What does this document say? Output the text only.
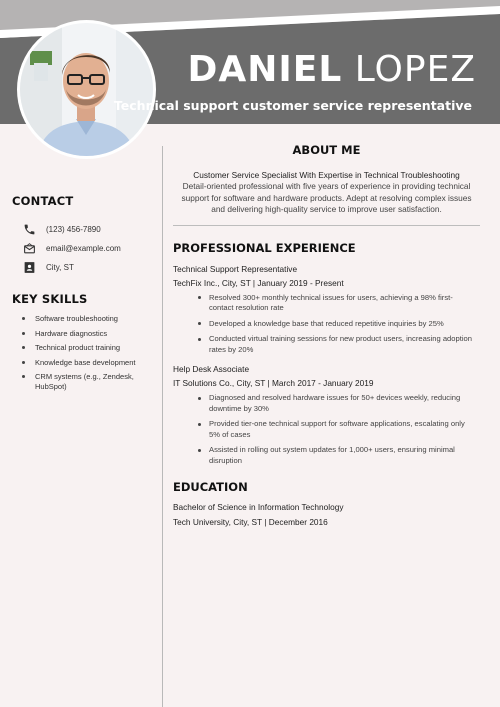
DANIEL LOPEZ
Technical support customer service representative
CONTACT
(123) 456-7890
email@example.com
City, ST
KEY SKILLS
Software troubleshooting
Hardware diagnostics
Technical product training
Knowledge base development
CRM systems (e.g., Zendesk, HubSpot)
ABOUT ME
Customer Service Specialist With Expertise in Technical Troubleshooting
Detail-oriented professional with five years of experience in providing technical support for software and hardware products. Adept at resolving complex issues and delivering high-quality service to improve user satisfaction.
PROFESSIONAL EXPERIENCE
Technical Support Representative
TechFix Inc., City, ST | January 2019 - Present
Resolved 300+ monthly technical issues for users, achieving a 98% first-contact resolution rate
Developed a knowledge base that reduced repetitive inquiries by 25%
Conducted virtual training sessions for new product users, increasing adoption rates by 20%
Help Desk Associate
IT Solutions Co., City, ST | March 2017 - January 2019
Diagnosed and resolved hardware issues for 50+ devices weekly, reducing downtime by 30%
Provided tier-one technical support for software applications, escalating only 5% of cases
Assisted in rolling out system updates for 1,000+ users, ensuring minimal disruption
EDUCATION
Bachelor of Science in Information Technology
Tech University, City, ST | December 2016
